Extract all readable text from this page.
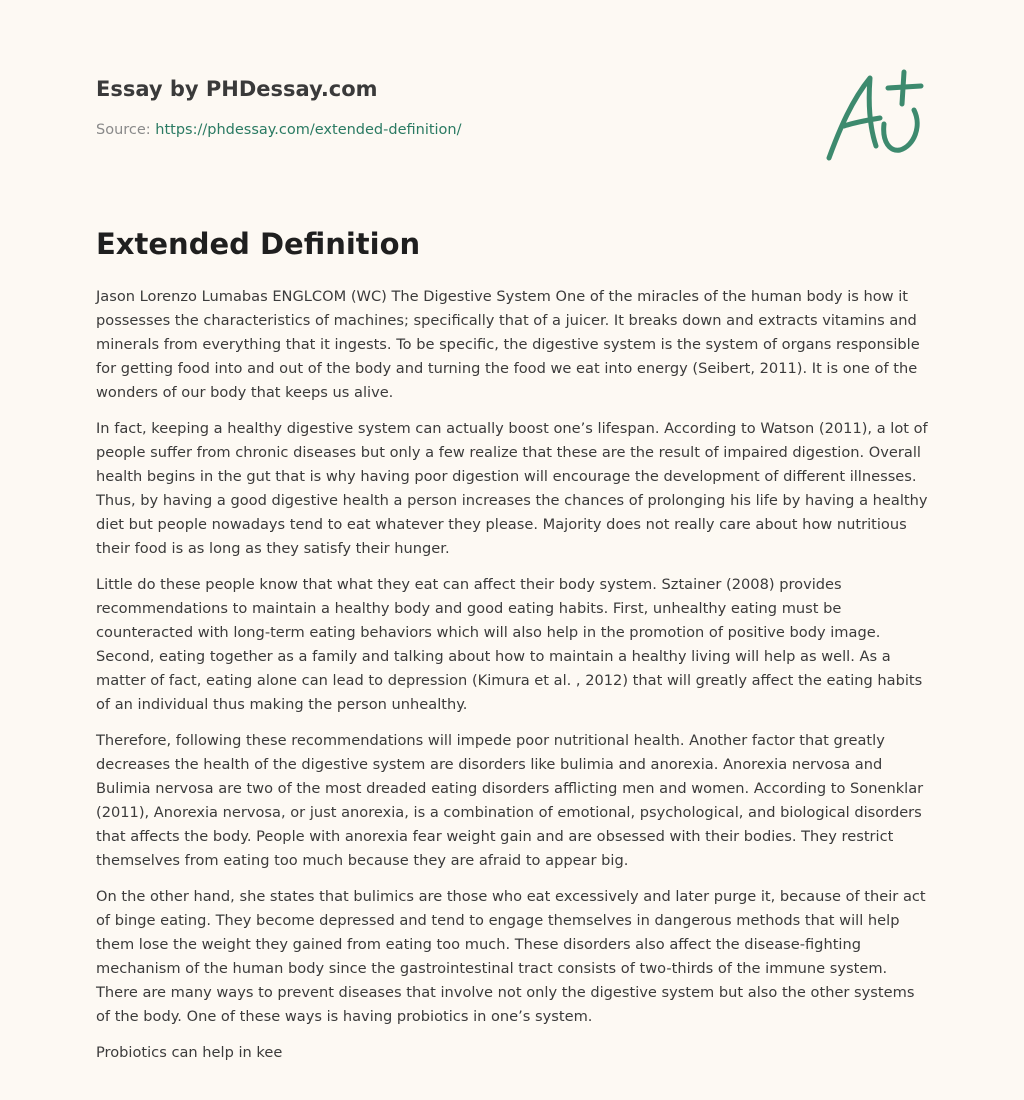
Essay by PHDessay.com
Source: https://phdessay.com/extended-definition/
Extended Definition

Jason Lorenzo Lumabas ENGLCOM (WC) The Digestive System One of the miracles of the human body is how it possesses the characteristics of machines; specifically that of a juicer. It breaks down and extracts vitamins and minerals from everything that it ingests. To be specific, the digestive system is the system of organs responsible for getting food into and out of the body and turning the food we eat into energy (Seibert, 2011). It is one of the wonders of our body that keeps us alive.

In fact, keeping a healthy digestive system can actually boost one’s lifespan. According to Watson (2011), a lot of people suffer from chronic diseases but only a few realize that these are the result of impaired digestion. Overall health begins in the gut that is why having poor digestion will encourage the development of different illnesses. Thus, by having a good digestive health a person increases the chances of prolonging his life by having a healthy diet but people nowadays tend to eat whatever they please. Majority does not really care about how nutritious their food is as long as they satisfy their hunger.

Little do these people know that what they eat can affect their body system. Sztainer (2008) provides recommendations to maintain a healthy body and good eating habits. First, unhealthy eating must be counteracted with long-term eating behaviors which will also help in the promotion of positive body image. Second, eating together as a family and talking about how to maintain a healthy living will help as well. As a matter of fact, eating alone can lead to depression (Kimura et al. , 2012) that will greatly affect the eating habits of an individual thus making the person unhealthy.

Therefore, following these recommendations will impede poor nutritional health. Another factor that greatly decreases the health of the digestive system are disorders like bulimia and anorexia. Anorexia nervosa and Bulimia nervosa are two of the most dreaded eating disorders afflicting men and women. According to Sonenklar (2011), Anorexia nervosa, or just anorexia, is a combination of emotional, psychological, and biological disorders that affects the body. People with anorexia fear weight gain and are obsessed with their bodies. They restrict themselves from eating too much because they are afraid to appear big.

On the other hand, she states that bulimics are those who eat excessively and later purge it, because of their act of binge eating. They become depressed and tend to engage themselves in dangerous methods that will help them lose the weight they gained from eating too much. These disorders also affect the disease-fighting mechanism of the human body since the gastrointestinal tract consists of two-thirds of the immune system. There are many ways to prevent diseases that involve not only the digestive system but also the other systems of the body. One of these ways is having probiotics in one’s system.

Probiotics can help in kee
